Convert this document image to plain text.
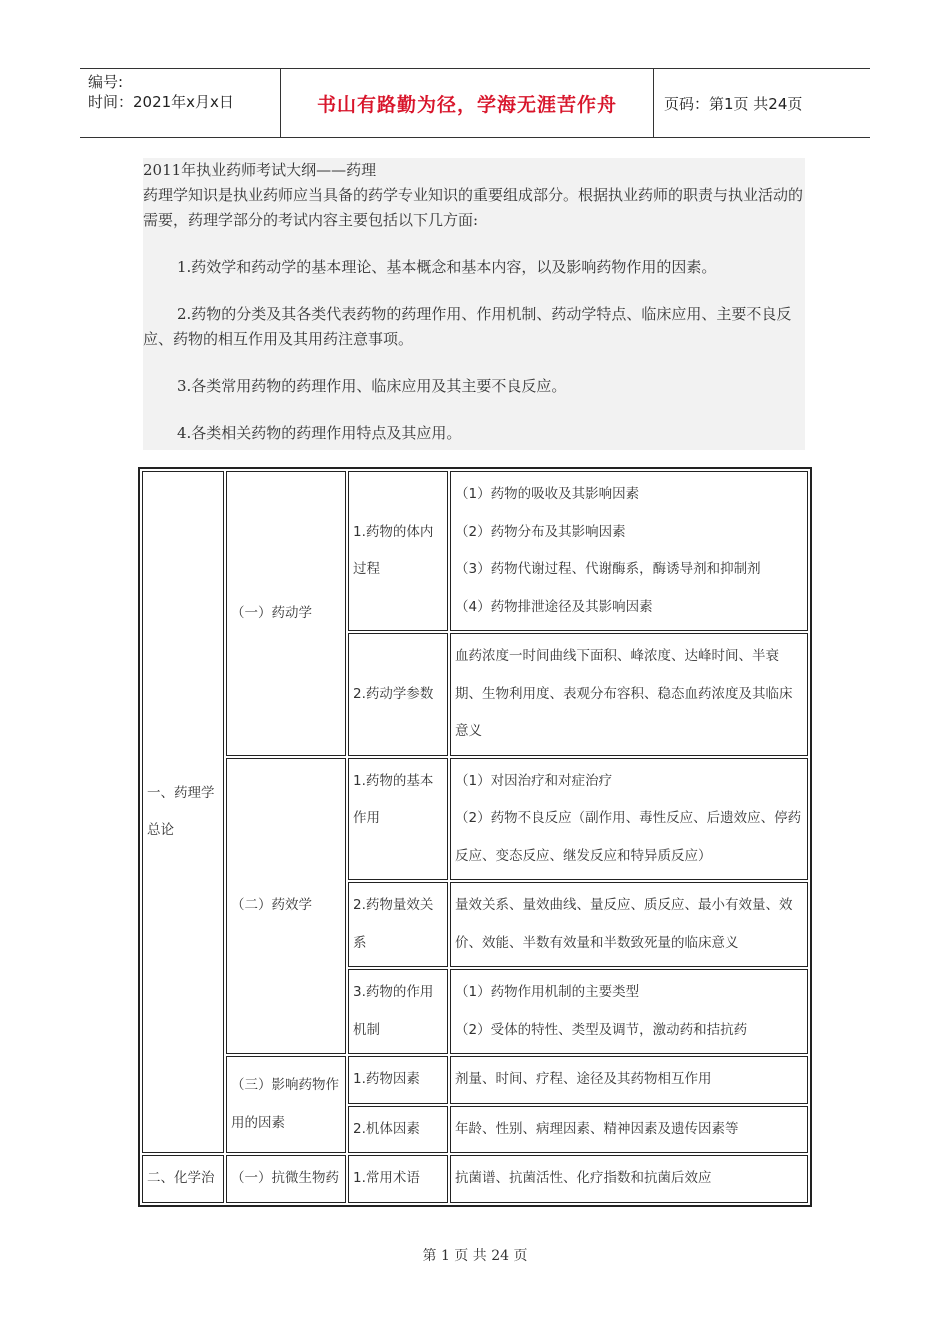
编号:
时间：2021年x月x日	书山有路勤为径，学海无涯苦作舟	页码：第1页 共24页

2011年执业药师考试大纲——药理

药理学知识是执业药师应当具备的药学专业知识的重要组成部分。根据执业药师的职责与执业活动的需要，药理学部分的考试内容主要包括以下几方面:

1.药效学和药动学的基本理论、基本概念和基本内容，以及影响药物作用的因素。

2.药物的分类及其各类代表药物的药理作用、作用机制、药动学特点、临床应用、主要不良反应、药物的相互作用及其用药注意事项。

3.各类常用药物的药理作用、临床应用及其主要不良反应。

4.各类相关药物的药理作用特点及其应用。

一、药理学总论	（一）药动学	1.药物的体内过程	（1）药物的吸收及其影响因素
（2）药物分布及其影响因素
（3）药物代谢过程、代谢酶系，酶诱导剂和抑制剂
（4）药物排泄途径及其影响因素

		2.药动学参数	血药浓度一时间曲线下面积、峰浓度、达峰时间、半衰期、生物利用度、表观分布容积、稳态血药浓度及其临床意义
	（二）药效学	1.药物的基本作用	（1）对因治疗和对症治疗
（2）药物不良反应（副作用、毒性反应、后遗效应、停药反应、变态反应、继发反应和特异质反应）

		2.药物量效关系	量效关系、量效曲线、量反应、质反应、最小有效量、效价、效能、半数有效量和半数致死量的临床意义
		3.药物的作用机制	（1）药物作用机制的主要类型
（2）受体的特性、类型及调节，激动药和拮抗药

	（三）影响药物作用的因素	1.药物因素	剂量、时间、疗程、途径及其药物相互作用
		2.机体因素	年龄、性别、病理因素、精神因素及遗传因素等
二、化学治	（一）抗微生物药	1.常用术语	抗菌谱、抗菌活性、化疗指数和抗菌后效应
第 1 页 共 24 页
